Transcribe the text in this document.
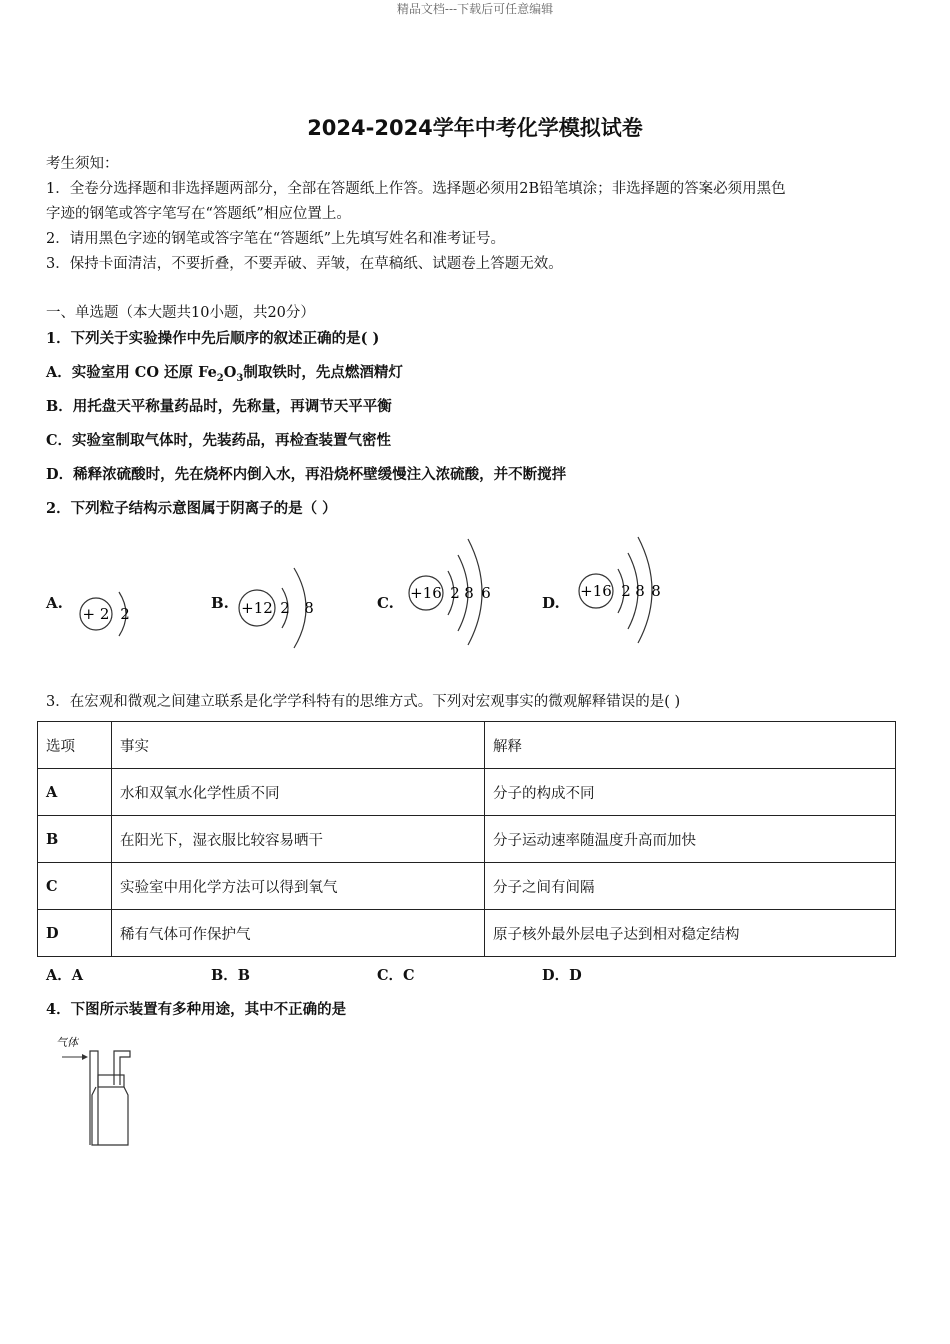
精品文档---下载后可任意编辑
2024-2024学年中考化学模拟试卷
考生须知：
1．全卷分选择题和非选择题两部分，全部在答题纸上作答。选择题必须用2B铅笔填涂；非选择题的答案必须用黑色
字迹的钢笔或答字笔写在“答题纸”相应位置上。
2．请用黑色字迹的钢笔或答字笔在“答题纸”上先填写姓名和准考证号。
3．保持卡面清洁，不要折叠，不要弄破、弄皱，在草稿纸、试题卷上答题无效。
一、单选题（本大题共10小题，共20分）
1．下列关于实验操作中先后顺序的叙述正确的是( )
A．实验室用 CO 还原 $Fe_2O_3$制取铁时，先点燃酒精灯
B．用托盘天平称量药品时，先称量，再调节天平平衡
C．实验室制取气体时，先装药品，再检查装置气密性
D．稀释浓硫酸时，先在烧杯内倒入水，再沿烧杯壁缓慢注入浓硫酸，并不断搅拌
2．下列粒子结构示意图属于阴离子的是（ ）
A.
+ 2 2
B. +12 2 8	C.
+16 2 8 6
D.
+16 2 8 8
3．在宏观和微观之间建立联系是化学学科特有的思维方式。下列对宏观事实的微观解释错误的是( )
选项	事实	解释
A	水和双氧水化学性质不同	分子的构成不同
B	在阳光下，湿衣服比较容易晒干	分子运动速率随温度升高而加快
C	实验室中用化学方法可以得到氧气	分子之间有间隔
D	稀有气体可作保护气	原子核外最外层电子达到相对稳定结构
A．A	B．B	C．C	D．D
4．下图所示装置有多种用途，其中不正确的是
气体
